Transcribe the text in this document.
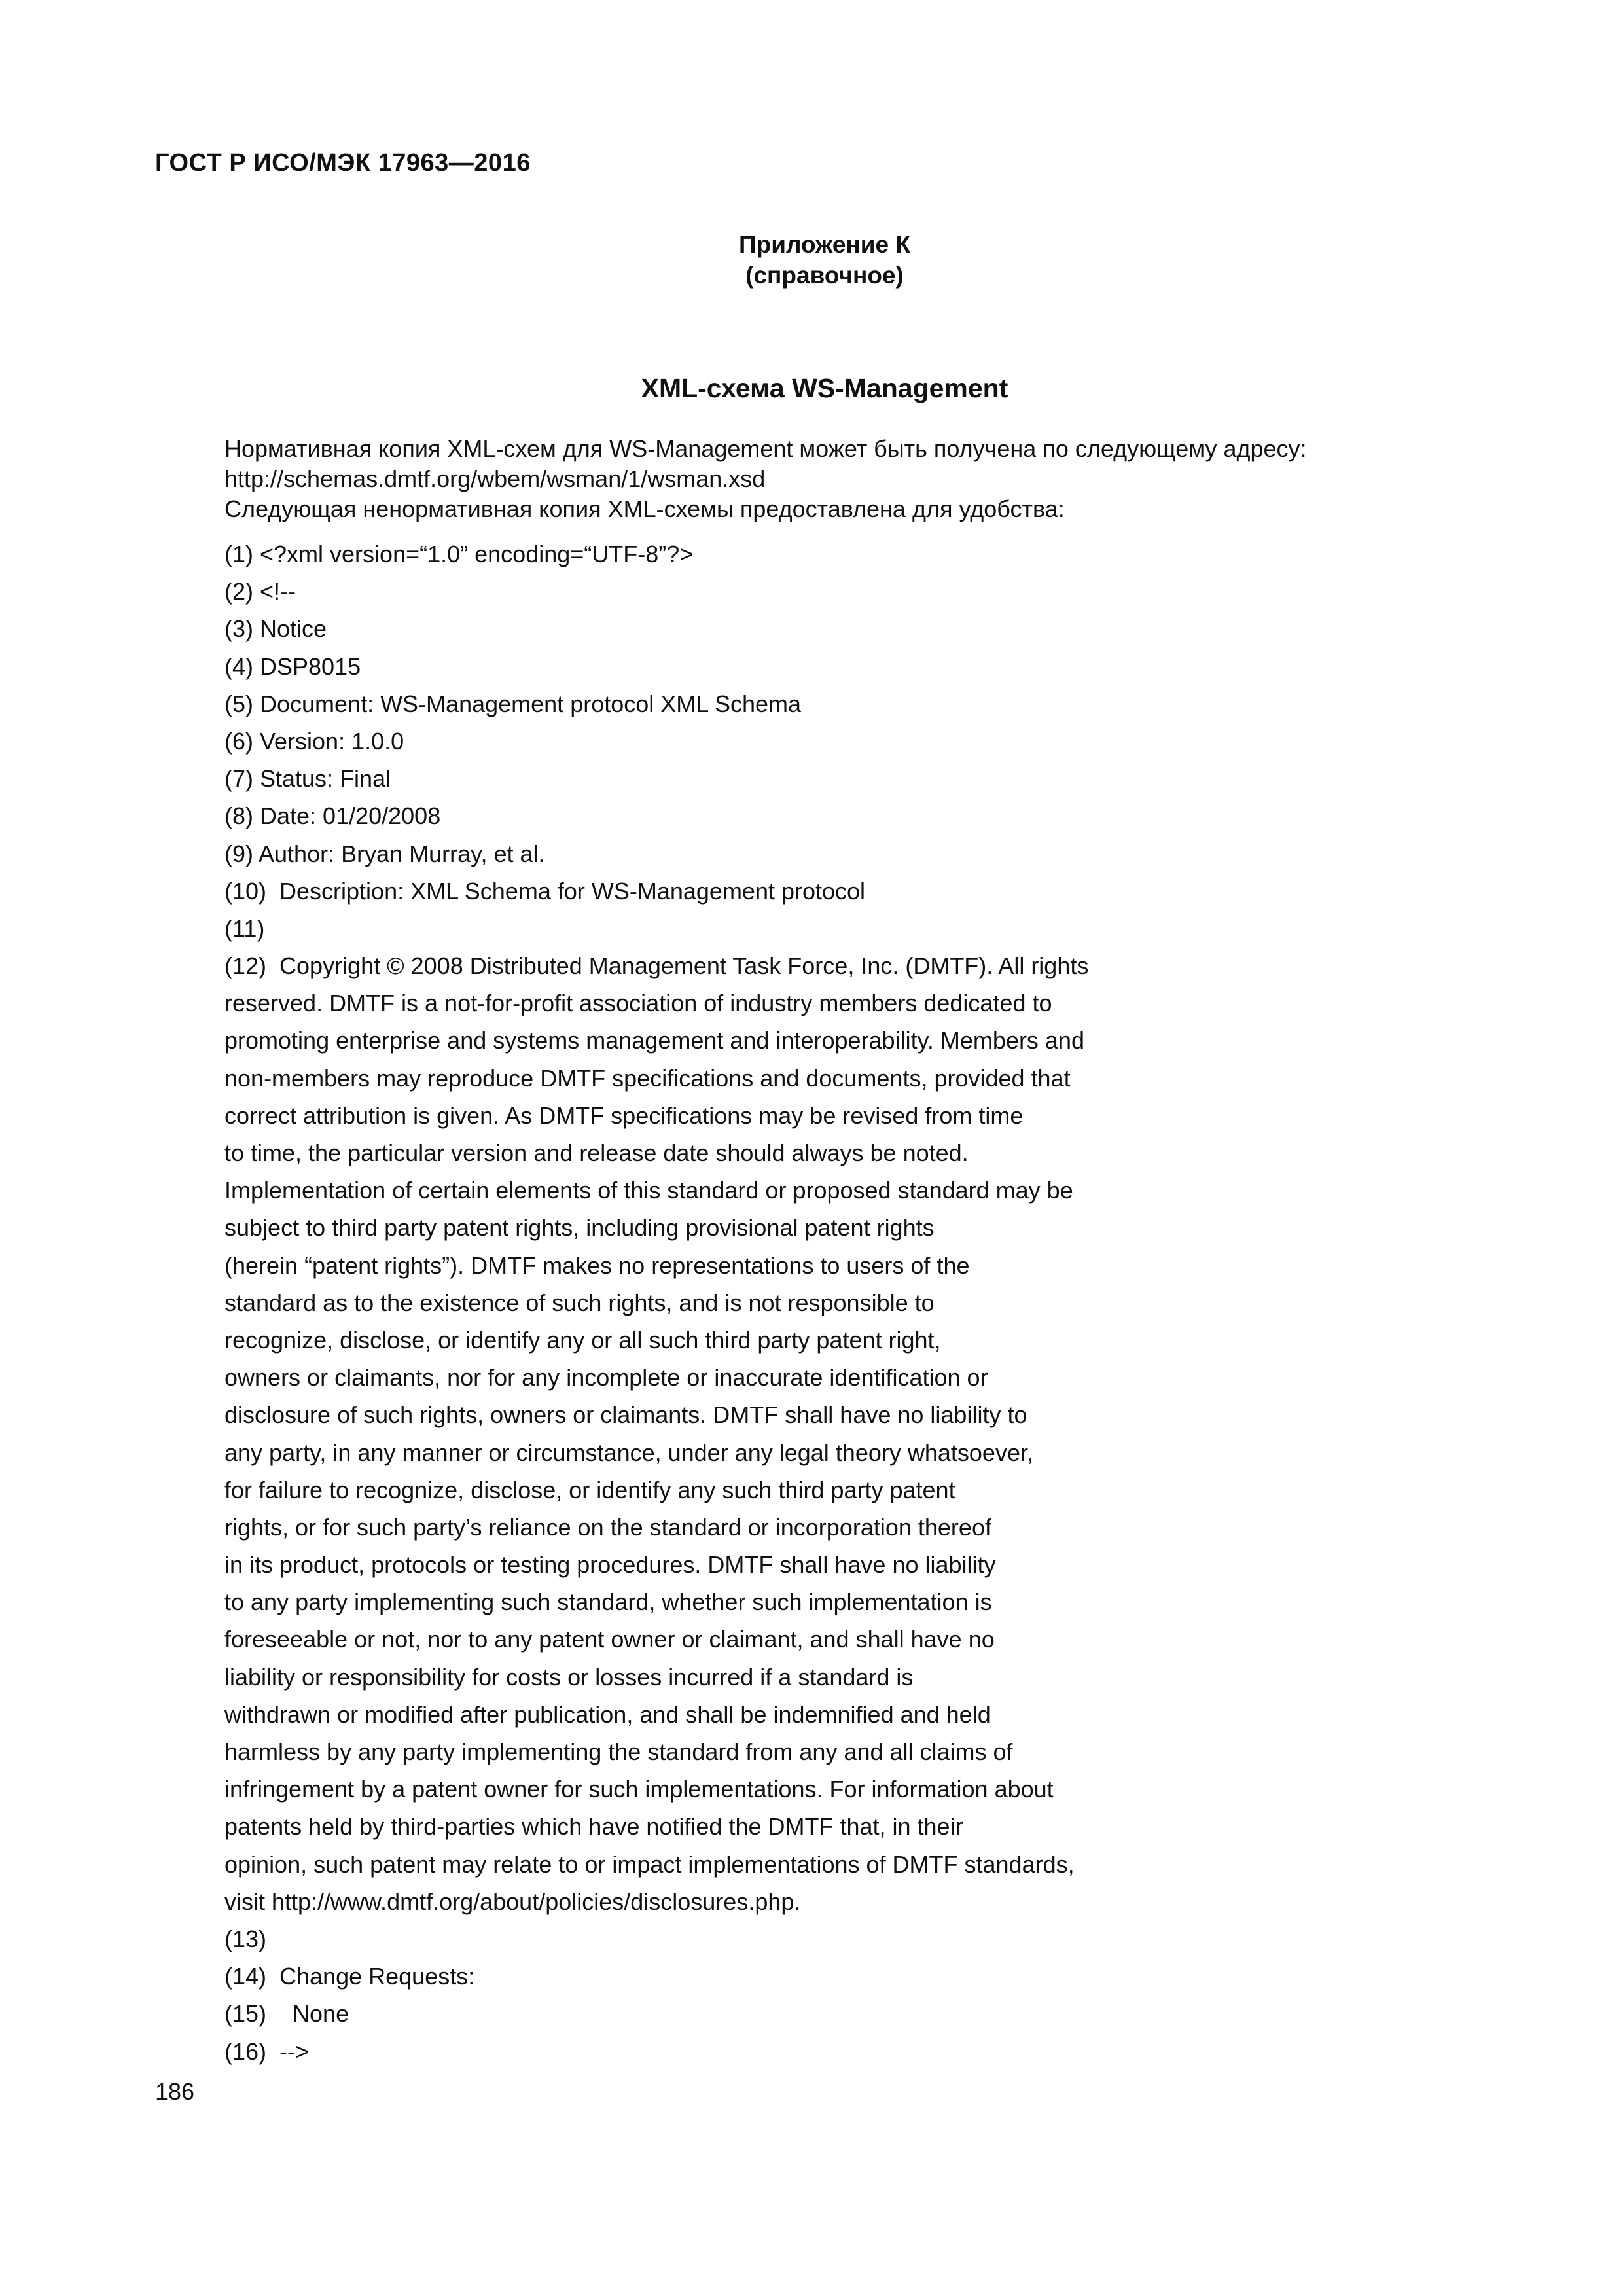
ГОСТ Р ИСО/МЭК 17963—2016
Приложение К
(справочное)
XML-схема WS-Management
Нормативная копия XML-схем для WS-Management может быть получена по следующему адресу:
http://schemas.dmtf.org/wbem/wsman/1/wsman.xsd
Следующая ненормативная копия XML-схемы предоставлена для удобства:
(1) <?xml version=“1.0” encoding=“UTF-8”?>
(2) <!--
(3) Notice
(4) DSP8015
(5) Document: WS-Management protocol XML Schema
(6) Version: 1.0.0
(7) Status: Final
(8) Date: 01/20/2008
(9) Author: Bryan Murray, et al.
(10)  Description: XML Schema for WS-Management protocol
(11)
(12)  Copyright © 2008 Distributed Management Task Force, Inc. (DMTF). All rights
reserved. DMTF is a not-for-profit association of industry members dedicated to
promoting enterprise and systems management and interoperability. Members and
non-members may reproduce DMTF specifications and documents, provided that
correct attribution is given. As DMTF specifications may be revised from time
to time, the particular version and release date should always be noted.
Implementation of certain elements of this standard or proposed standard may be
subject to third party patent rights, including provisional patent rights
(herein “patent rights”). DMTF makes no representations to users of the
standard as to the existence of such rights, and is not responsible to
recognize, disclose, or identify any or all such third party patent right,
owners or claimants, nor for any incomplete or inaccurate identification or
disclosure of such rights, owners or claimants. DMTF shall have no liability to
any party, in any manner or circumstance, under any legal theory whatsoever,
for failure to recognize, disclose, or identify any such third party patent
rights, or for such party’s reliance on the standard or incorporation thereof
in its product, protocols or testing procedures. DMTF shall have no liability
to any party implementing such standard, whether such implementation is
foreseeable or not, nor to any patent owner or claimant, and shall have no
liability or responsibility for costs or losses incurred if a standard is
withdrawn or modified after publication, and shall be indemnified and held
harmless by any party implementing the standard from any and all claims of
infringement by a patent owner for such implementations. For information about
patents held by third-parties which have notified the DMTF that, in their
opinion, such patent may relate to or impact implementations of DMTF standards,
visit http://www.dmtf.org/about/policies/disclosures.php.
(13)
(14)  Change Requests:
(15)    None
(16)  -->
186
